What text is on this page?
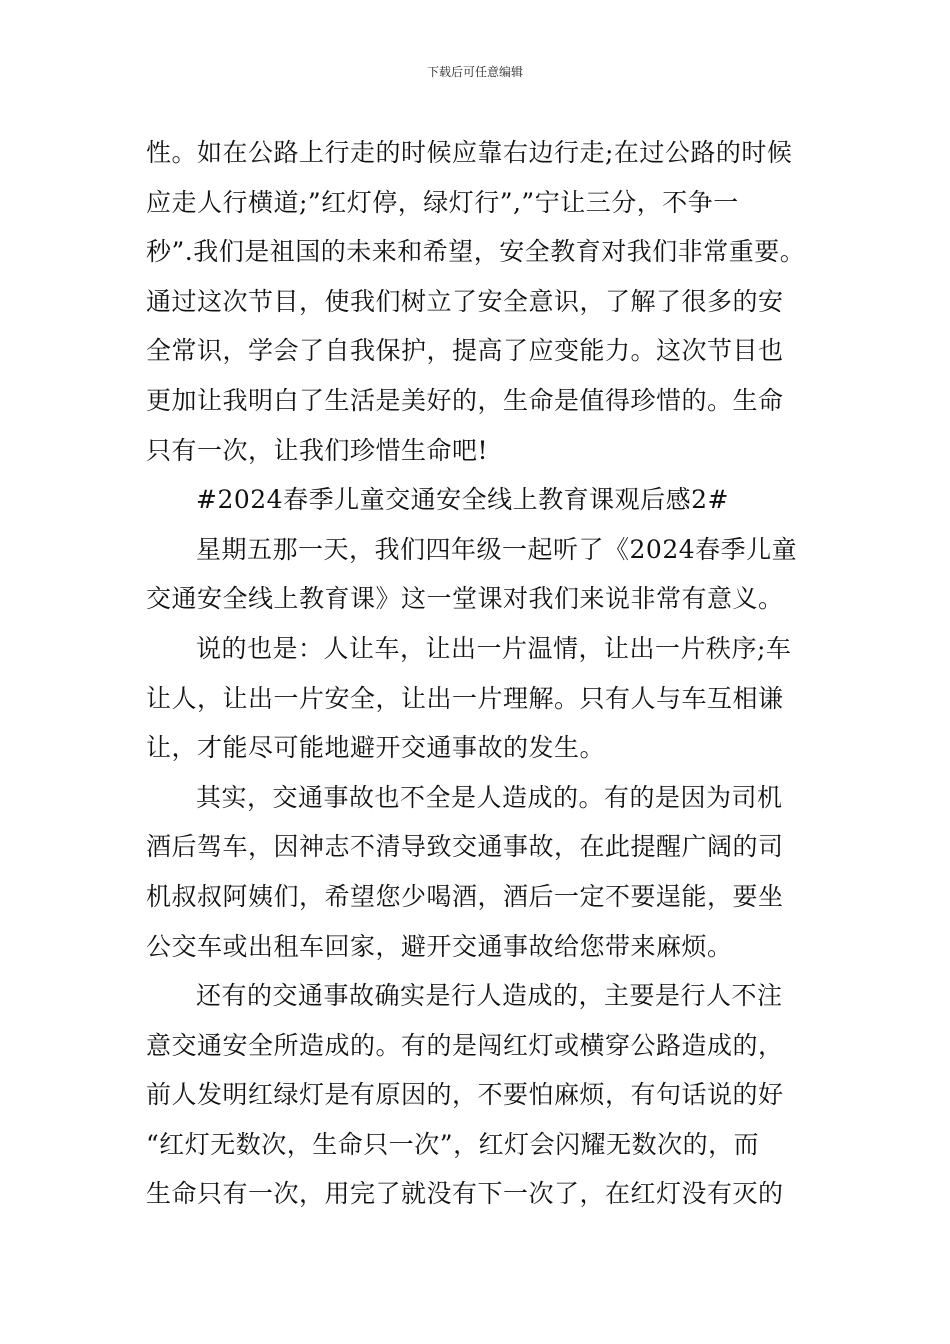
下载后可任意编辑
性。如在公路上行走的时候应靠右边行走;在过公路的时候
应走人行横道;”红灯停，绿灯行”,”宁让三分，不争一
秒”.我们是祖国的未来和希望，安全教育对我们非常重要。
通过这次节目，使我们树立了安全意识，了解了很多的安
全常识，学会了自我保护，提高了应变能力。这次节目也
更加让我明白了生活是美好的，生命是值得珍惜的。生命
只有一次，让我们珍惜生命吧!
#2024春季儿童交通安全线上教育课观后感2#
星期五那一天，我们四年级一起听了《2024春季儿童
交通安全线上教育课》这一堂课对我们来说非常有意义。
说的也是：人让车，让出一片温情，让出一片秩序;车
让人，让出一片安全，让出一片理解。只有人与车互相谦
让，才能尽可能地避开交通事故的发生。
其实，交通事故也不全是人造成的。有的是因为司机
酒后驾车，因神志不清导致交通事故，在此提醒广阔的司
机叔叔阿姨们，希望您少喝酒，酒后一定不要逞能，要坐
公交车或出租车回家，避开交通事故给您带来麻烦。
还有的交通事故确实是行人造成的，主要是行人不注
意交通安全所造成的。有的是闯红灯或横穿公路造成的，
前人发明红绿灯是有原因的，不要怕麻烦，有句话说的好
“红灯无数次，生命只一次”，红灯会闪耀无数次的，而
生命只有一次，用完了就没有下一次了，在红灯没有灭的
